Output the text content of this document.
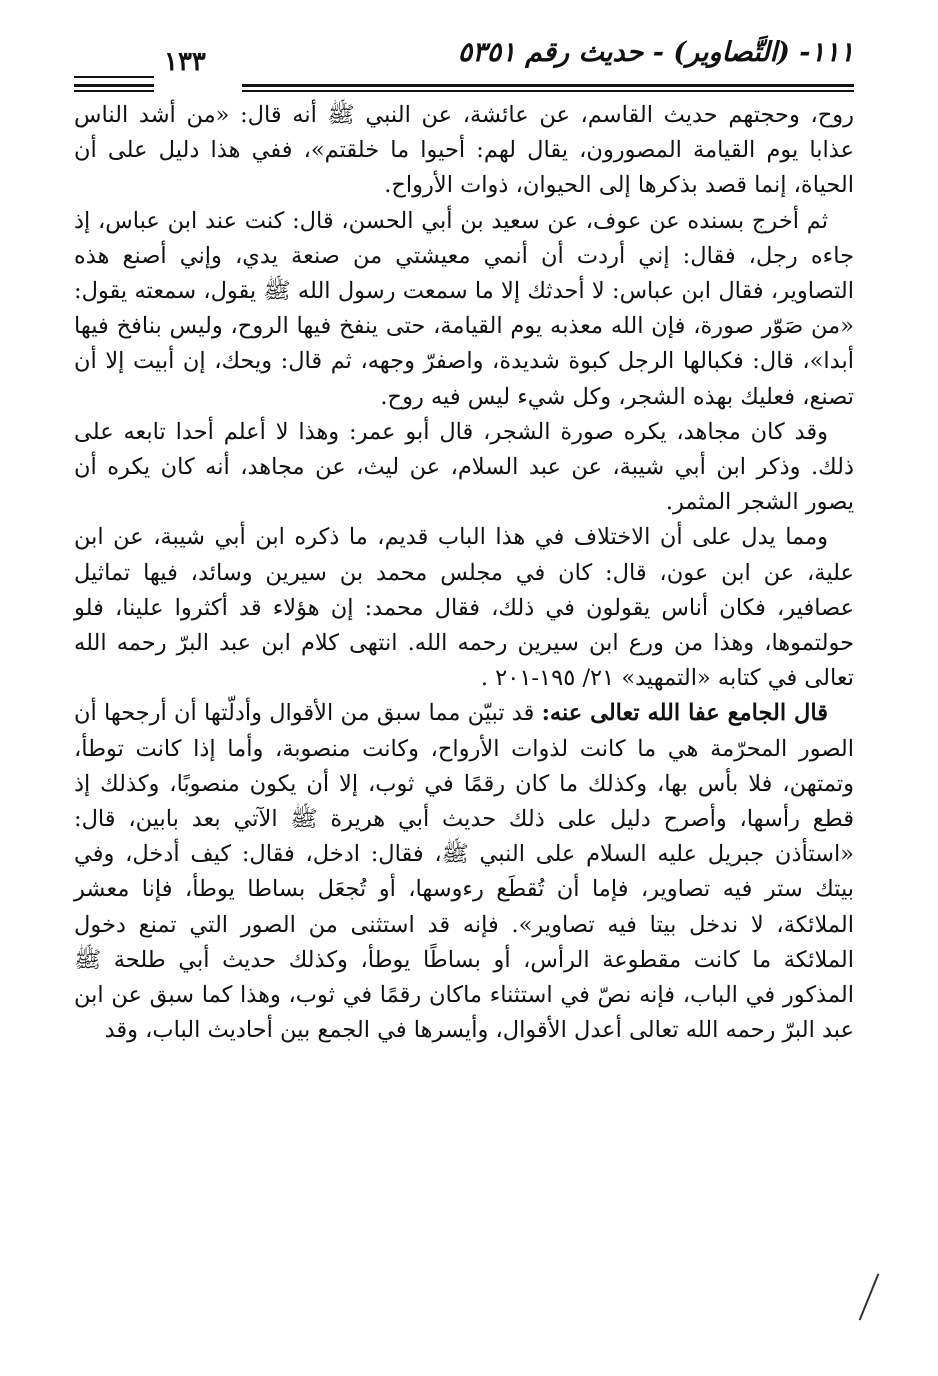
١١١- (التَّصاوير) - حديث رقم ٥٣٥١
١٣٣

روح، وحجتهم حديث القاسم، عن عائشة، عن النبي ﷺ أنه قال: «من أشد الناس عذابا يوم القيامة المصورون، يقال لهم: أحيوا ما خلقتم»، ففي هذا دليل على أن الحياة، إنما قصد بذكرها إلى الحيوان، ذوات الأرواح.

ثم أخرج بسنده عن عوف، عن سعيد بن أبي الحسن، قال: كنت عند ابن عباس، إذ جاءه رجل، فقال: إني أردت أن أنمي معيشتي من صنعة يدي، وإني أصنع هذه التصاوير، فقال ابن عباس: لا أحدثك إلا ما سمعت رسول الله ﷺ يقول، سمعته يقول: «من صَوّر صورة، فإن الله معذبه يوم القيامة، حتى ينفخ فيها الروح، وليس بنافخ فيها أبدا»، قال: فكبالها الرجل كبوة شديدة، واصفرّ وجهه، ثم قال: ويحك، إن أبيت إلا أن تصنع، فعليك بهذه الشجر، وكل شيء ليس فيه روح.

وقد كان مجاهد، يكره صورة الشجر، قال أبو عمر: وهذا لا أعلم أحدا تابعه على ذلك. وذكر ابن أبي شيبة، عن عبد السلام، عن ليث، عن مجاهد، أنه كان يكره أن يصور الشجر المثمر.

ومما يدل على أن الاختلاف في هذا الباب قديم، ما ذكره ابن أبي شيبة، عن ابن علية، عن ابن عون، قال: كان في مجلس محمد بن سيرين وسائد، فيها تماثيل عصافير، فكان أناس يقولون في ذلك، فقال محمد: إن هؤلاء قد أكثروا علينا، فلو حولتموها، وهذا من ورع ابن سيرين رحمه الله. انتهى كلام ابن عبد البرّ رحمه الله تعالى في كتابه «التمهيد» ٢١/ ١٩٥-٢٠١ .

قال الجامع عفا الله تعالى عنه: قد تبيّن مما سبق من الأقوال وأدلّتها أن أرجحها أن الصور المحرّمة هي ما كانت لذوات الأرواح، وكانت منصوبة، وأما إذا كانت توطأ، وتمتهن، فلا بأس بها، وكذلك ما كان رقمًا في ثوب، إلا أن يكون منصوبًا، وكذلك إذ قطع رأسها، وأصرح دليل على ذلك حديث أبي هريرة ﷺ الآتي بعد بابين، قال: «استأذن جبريل عليه السلام على النبي ﷺ، فقال: ادخل، فقال: كيف أدخل، وفي بيتك ستر فيه تصاوير، فإما أن تُقطَع رءوسها، أو تُجعَل بساطا يوطأ، فإنا معشر الملائكة، لا ندخل بيتا فيه تصاوير». فإنه قد استثنى من الصور التي تمنع دخول الملائكة ما كانت مقطوعة الرأس، أو بساطًا يوطأ، وكذلك حديث أبي طلحة ﷺ المذكور في الباب، فإنه نصّ في استثناء ماكان رقمًا في ثوب، وهذا كما سبق عن ابن عبد البرّ رحمه الله تعالى أعدل الأقوال، وأيسرها في الجمع بين أحاديث الباب، وقد
